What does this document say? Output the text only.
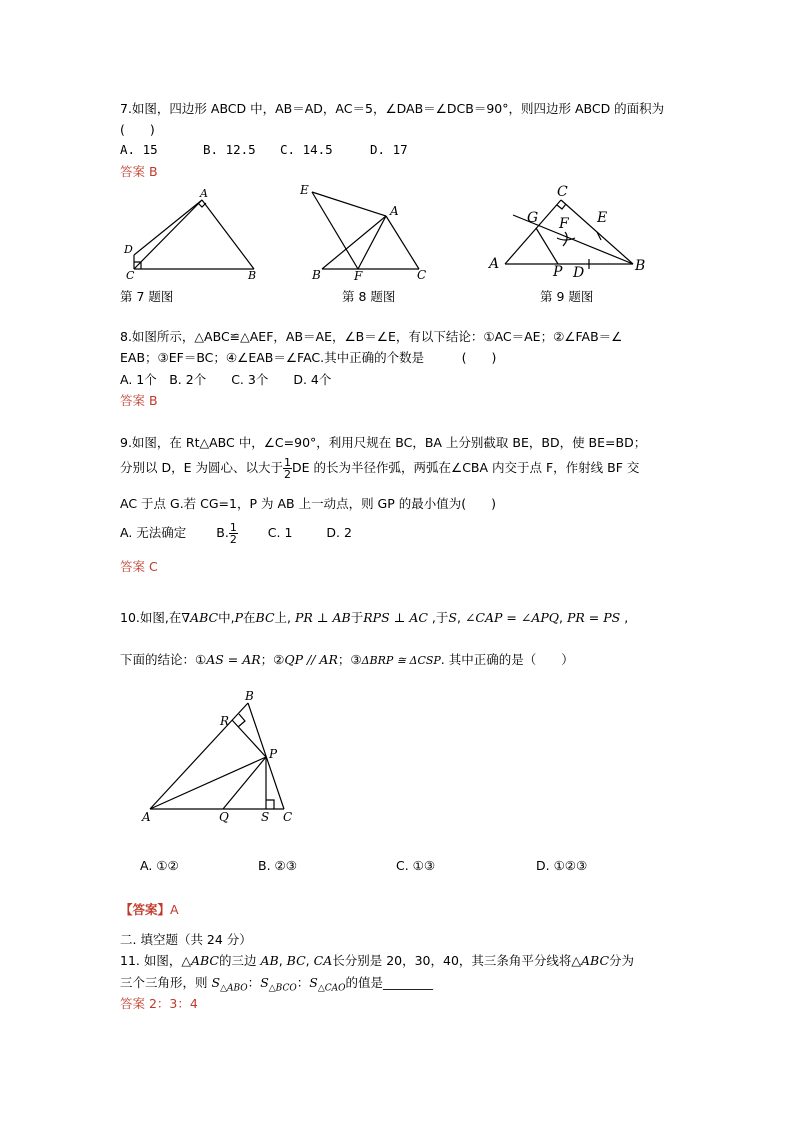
7.如图，四边形 ABCD 中，AB＝AD，AC＝5，∠DAB＝∠DCB＝90°，则四边形 ABCD 的面积为
(　　)
A. 15	B. 12.5 C. 14.5	D. 17
答案 B
A
D
C	B
第 7 题图
E
A
B	F	C
第 8 题图
C
G F E
A	P D	B
第 9 题图
8.如图所示，△ABC≌△AEF，AB＝AE，∠B＝∠E，有以下结论：①AC＝AE；②∠FAB＝∠
EAB；③EF＝BC；④∠EAB＝∠FAC.其中正确的个数是　　　(　　)
A. 1个　B. 2个　　C. 3个　　D. 4个
答案 B
9.如图，在 Rt△ABC 中，∠C=90°，利用尺规在 BC，BA 上分别截取 BE，BD，使 BE=BD；
分别以 D，E 为圆心、以大于 $\frac{1}{2}$ DE 的长为半径作弧，两弧在∠CBA 内交于点 F，作射线 BF 交
AC 于点 G.若 CG=1，P 为 AB 上一动点，则 GP 的最小值为(　　)
A. 无法确定 B. $\frac{1}{2} C$. 1	D. 2
答案 C
10.如图,在∇ABC中,P在BC上, PR ⊥ AB于RPS ⊥ AC ,于S, ∠CAP = ∠APQ, PR = PS ,
下面的结论：①AS = AR；②QP // AR；③ΔBRP ≅ ΔCSP. 其中正确的是（　　）
B
R
P
A	Q	S C
A. ①②	B. ②③	C. ①③	D. ①②③
【答案】A
二. 填空题（共 24 分）
11. 如图，△ABC的三边 AB, BC, CA长分别是 20，30，40，其三条角平分线将△ABC分为
三个三角形，则 $S_{\triangle ABO}$：$S_{\triangle BCO}$：$S_{\triangle CAO}$的值是________
答案 2：3：4
